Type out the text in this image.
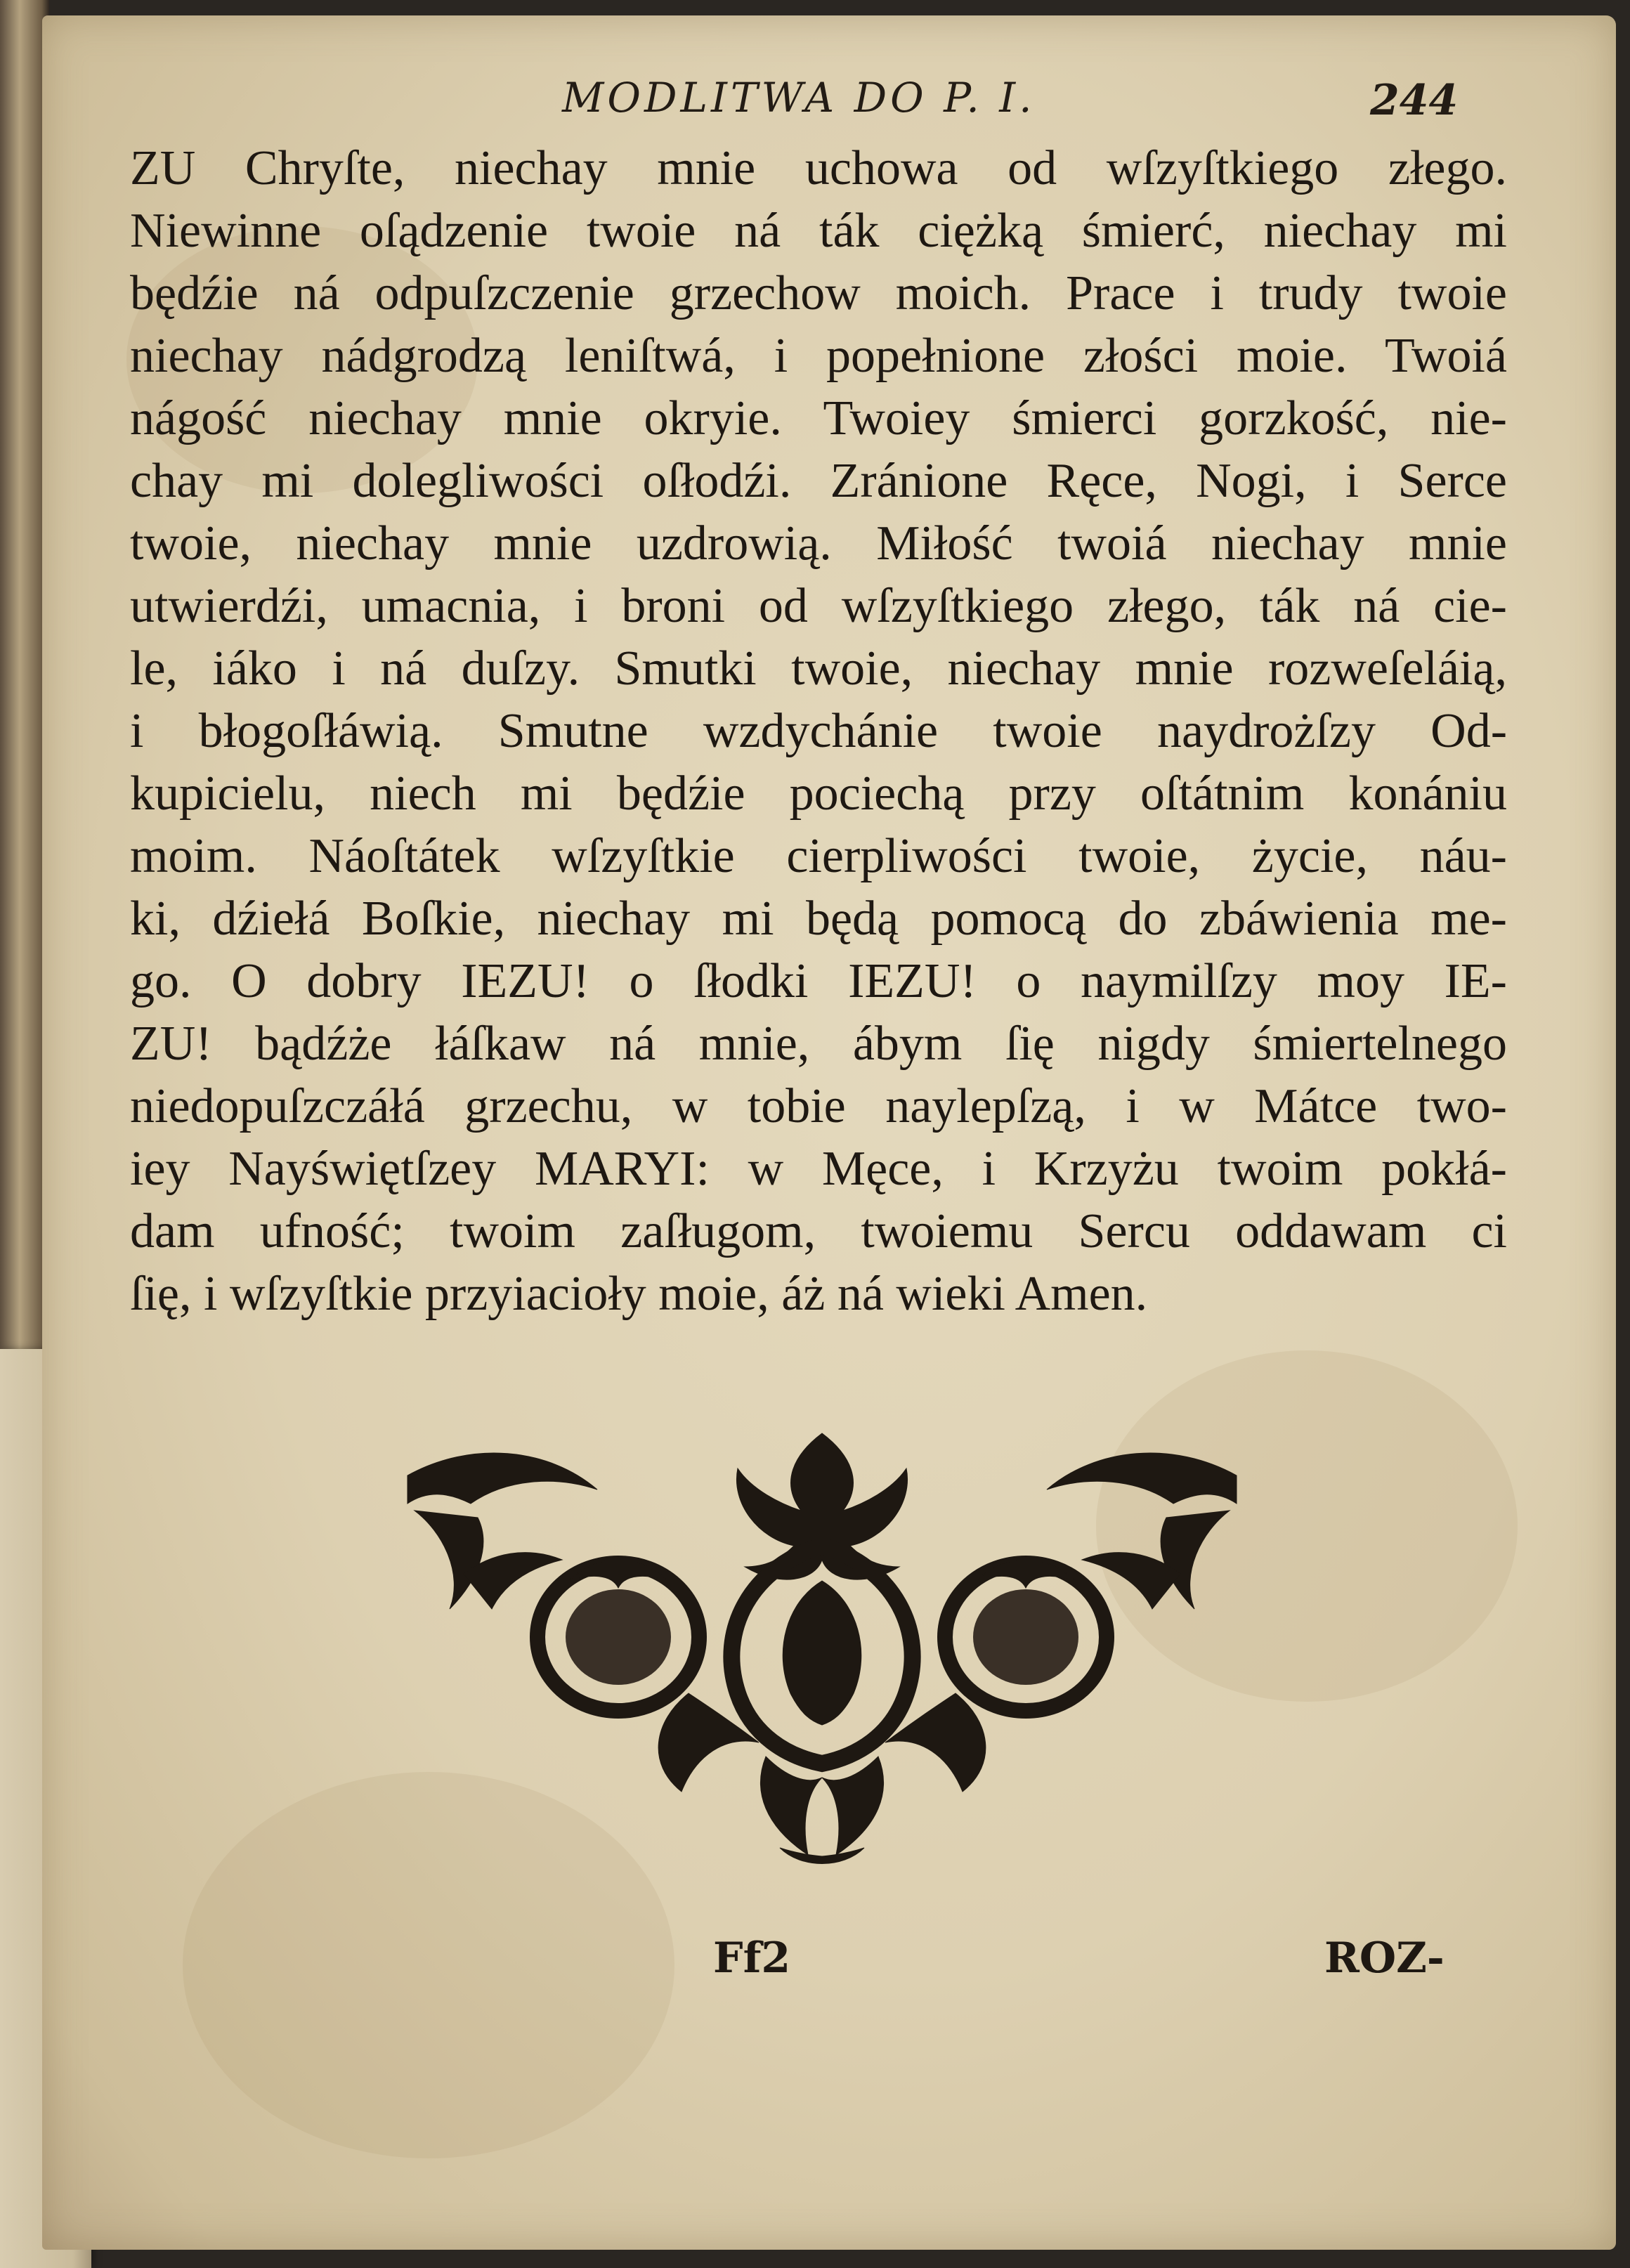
MODLITWA DO P. I.	244
ZU Chryſte, niechay mnie uchowa od wſzyſtkiego złego.
Niewinne oſądzenie twoie ná ták ciężką śmierć, niechay mi
będźie ná odpuſzczenie grzechow moich. Prace i trudy twoie
niechay nádgrodzą leniſtwá, i popełnione złości moie. Twoiá
nágość niechay mnie okryie. Twoiey śmierci gorzkość, nie-
chay mi dolegliwości oſłodźi. Zránione Ręce, Nogi, i Serce
twoie, niechay mnie uzdrowią. Miłość twoiá niechay mnie
utwierdźi, umacnia, i broni od wſzyſtkiego złego, ták ná cie-
le, iáko i ná duſzy. Smutki twoie, niechay mnie rozweſeláią,
i błogoſłáwią. Smutne wzdychánie twoie naydrożſzy Od-
kupicielu, niech mi będźie pociechą przy oſtátnim konániu
moim. Náoſtátek wſzyſtkie cierpliwości twoie, życie, náu-
ki, dźiełá Boſkie, niechay mi będą pomocą do zbáwienia me-
go. O dobry IEZU! o ſłodki IEZU! o naymilſzy moy IE-
ZU! bądźże łáſkaw ná mnie, ábym ſię nigdy śmiertelnego
niedopuſzczáłá grzechu, w tobie naylepſzą, i w Mátce two-
iey Nayświętſzey MARYI: w Męce, i Krzyżu twoim pokłá-
dam ufność; twoim zaſługom, twoiemu Sercu oddawam ci
ſię, i wſzyſtkie przyiacioły moie, áż ná wieki Amen.
Ff2	ROZ-
